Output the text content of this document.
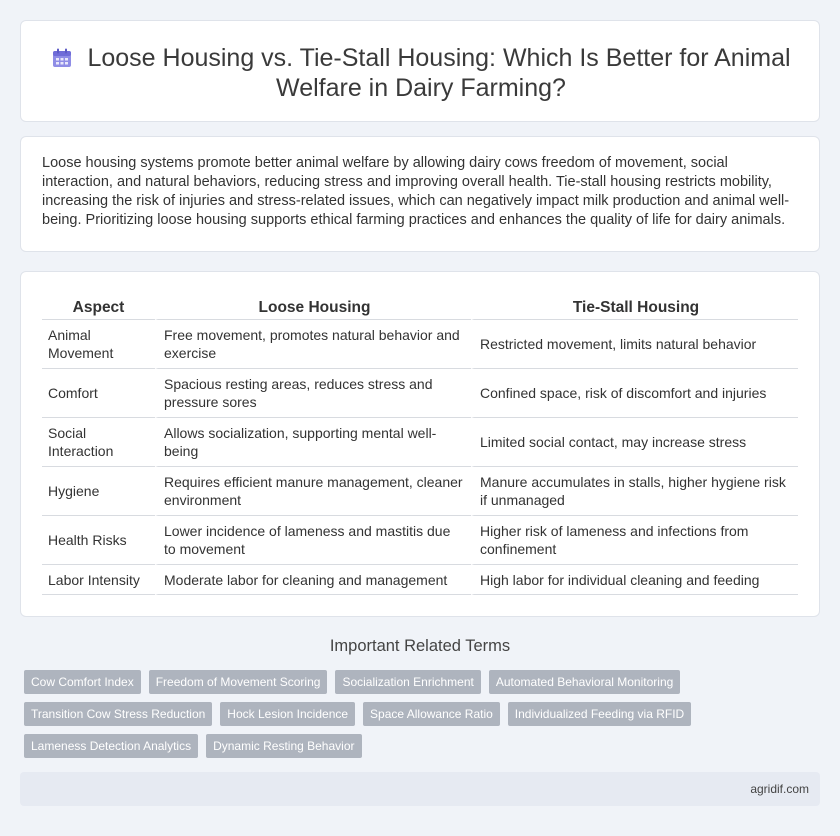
Loose Housing vs. Tie-Stall Housing: Which Is Better for Animal Welfare in Dairy Farming?

Loose housing systems promote better animal welfare by allowing dairy cows freedom of movement, social interaction, and natural behaviors, reducing stress and improving overall health. Tie-stall housing restricts mobility, increasing the risk of injuries and stress-related issues, which can negatively impact milk production and animal well-being. Prioritizing loose housing supports ethical farming practices and enhances the quality of life for dairy animals.

Aspect	Loose Housing	Tie-Stall Housing
Animal Movement	Free movement, promotes natural behavior and exercise	Restricted movement, limits natural behavior
Comfort	Spacious resting areas, reduces stress and pressure sores	Confined space, risk of discomfort and injuries
Social Interaction	Allows socialization, supporting mental well-being	Limited social contact, may increase stress
Hygiene	Requires efficient manure management, cleaner environment	Manure accumulates in stalls, higher hygiene risk if unmanaged
Health Risks	Lower incidence of lameness and mastitis due to movement	Higher risk of lameness and infections from confinement
Labor Intensity	Moderate labor for cleaning and management	High labor for individual cleaning and feeding
Important Related Terms
Cow Comfort Index Freedom of Movement Scoring Socialization Enrichment Automated Behavioral Monitoring
Transition Cow Stress Reduction Hock Lesion Incidence Space Allowance Ratio Individualized Feeding via RFID
Lameness Detection Analytics Dynamic Resting Behavior
agridif.com
